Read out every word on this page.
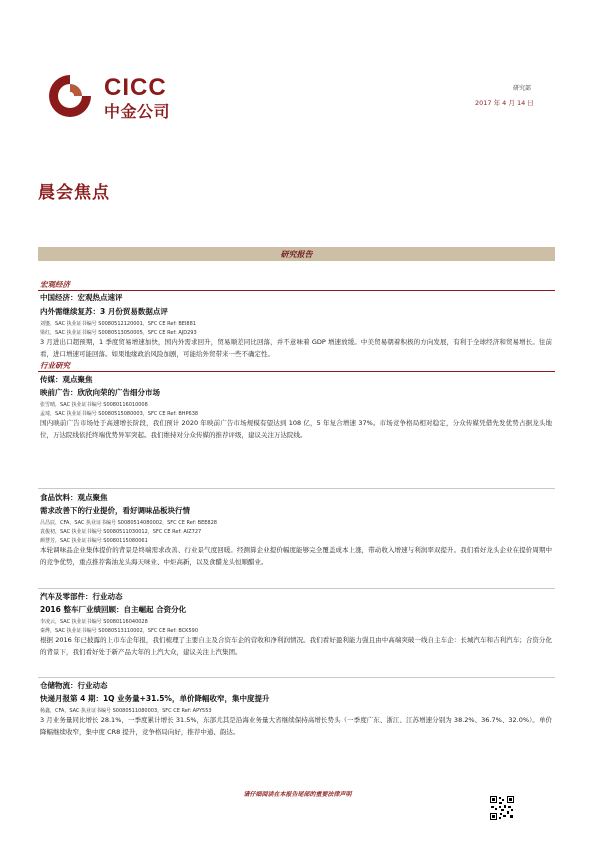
CICC
中金公司
研究部
2017 年 4 月 14 日
晨会焦点
研究报告
宏观经济
中国经济：宏观热点速评
内外需继续复苏：3 月份贸易数据点评
刘鎏，SAC 执业证书编号 S0080512120001，SFC CE Ref: BEI881
梁红，SAC 执业证书编号 S0080513050005，SFC CE Ref: AJD293
3 月进出口超预期，1 季度贸易增速加快，国内外需求回升，贸易顺差同比回落，并不意味着 GDP 增速放缓。中美贸易朝着积极的方向发展，有利于全球经济和贸易增长。往前看，进口增速可能回落。如果地缘政治风险加剧，可能给外贸带来一些不确定性。
行业研究
传媒：观点聚焦
映前广告：欣欣向荣的广告细分市场
张雪晴，SAC 执业证书编号 S0080116010008
孟琦，SAC 执业证书编号 S0080515080003，SFC CE Ref: BHP638
国内映前广告市场处于高速增长阶段，我们预计 2020 年映前广告市场规模有望达到 108 亿，5 年复合增速 37%。市场竞争格局相对稳定，分众传媒凭借先发优势占据龙头地位，万达院线依托终端优势异军突起。我们维持对分众传媒的推荐评级，建议关注万达院线。
食品饮料：观点聚焦
需求改善下的行业提价，看好调味品板块行情
吕昌辰，CFA，SAC 执业证书编号 S0080514080002，SFC CE Ref: BEE828
袁俊初，SAC 执业证书编号 S0080511030012，SFC CE Ref: AIZ727
颜慧芳，SAC 执业证书编号 S0080115080061
本轮调味品企业集体提价的背景是终端需求改善、行业景气度回暖。经测算企业提价幅度能够完全覆盖成本上涨，带动收入增速与利润率双提升。我们看好龙头企业在提价周期中的竞争优势，重点推荐酱油龙头海天味业、中炬高新，以及食醋龙头恒顺醋业。
汽车及零部件：行业动态
2016 整车厂业绩回顾：自主崛起 合资分化
李凌云，SAC 执业证书编号 S0080116040028
秦烨，SAC 执业证书编号 S0080513110002，SFC CE Ref: BCK590
根据 2016 年已披露的上市车企年报，我们梳理了主要自主及合资车企的营收和净利润情况。我们看好盈利能力强且由中高端突破一线自主车企：长城汽车和吉利汽车；合资分化的背景下，我们看好处于新产品大年的上汽大众，建议关注上汽集团。
仓储物流：行业动态
快递月报第 4 期：1Q 业务量+31.5%，单价降幅收窄，集中度提升
杨鑫，CFA，SAC 执业证书编号 S0080511080003，SFC CE Ref: APY553
3 月业务量同比增长 28.1%，一季度累计增长 31.5%，东部尤其是沿海业务量大省继续保持高增长势头（一季度广东、浙江、江苏增速分别为 38.2%、36.7%、32.0%）。单价降幅继续收窄，集中度 CR8 提升，竞争格局向好，推荐中通、韵达。
请仔细阅读在本报告尾部的重要法律声明
